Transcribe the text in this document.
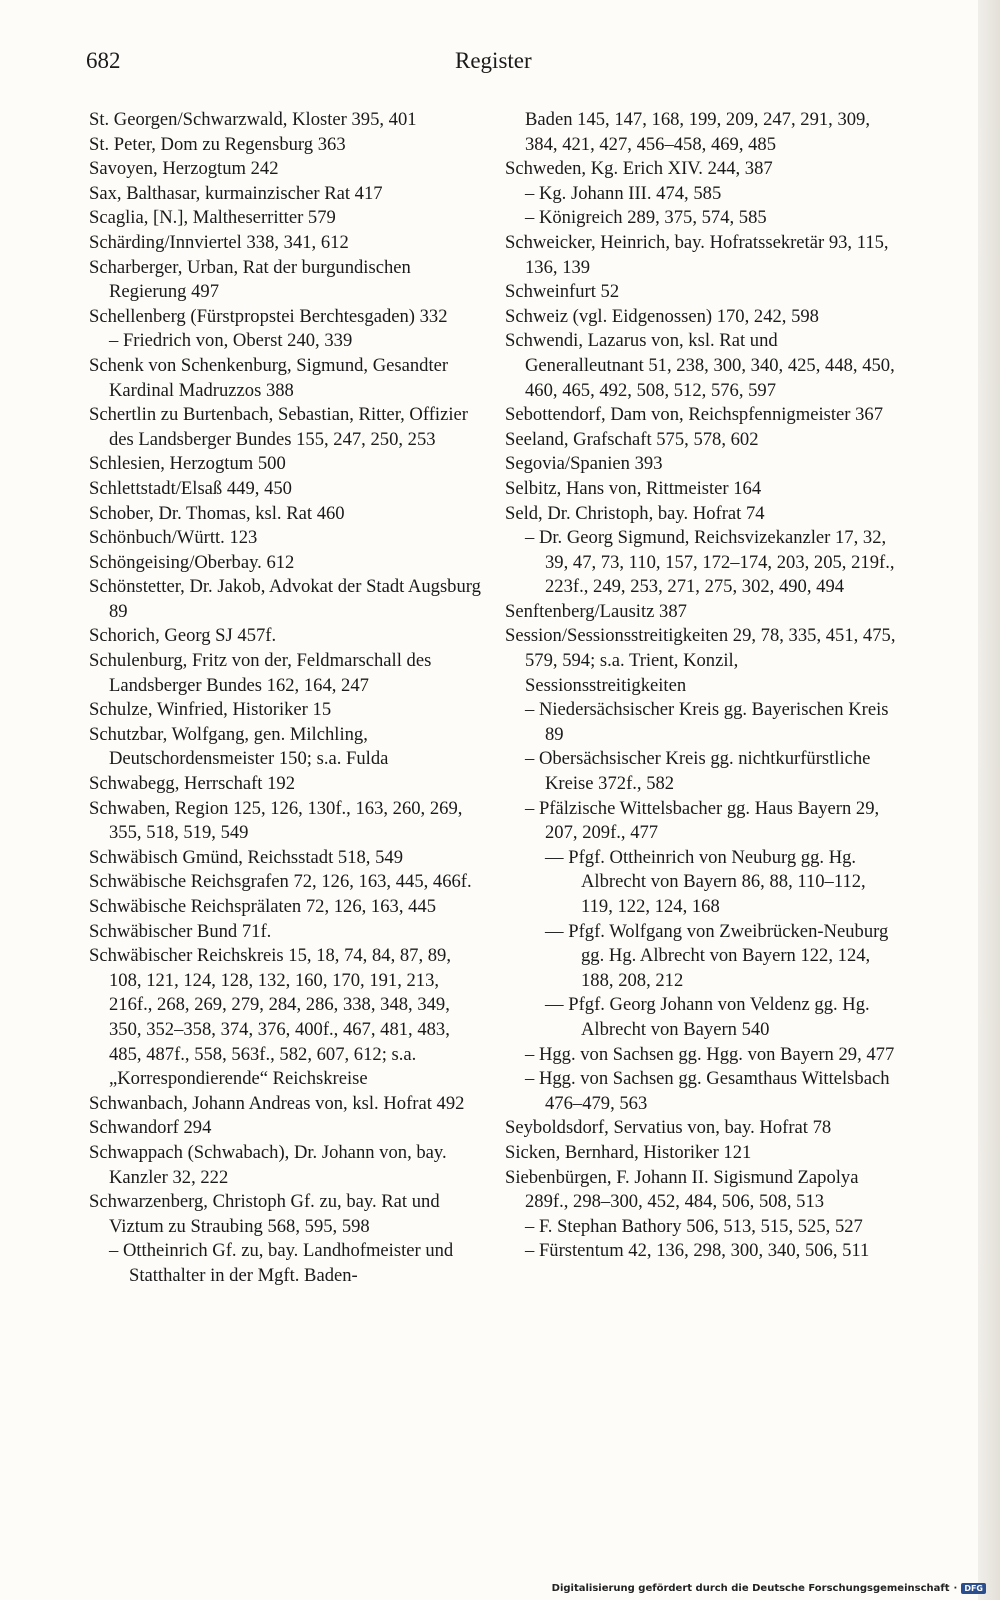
682	Register
St. Georgen/Schwarzwald, Kloster 395, 401
St. Peter, Dom zu Regensburg 363
Savoyen, Herzogtum 242
Sax, Balthasar, kurmainzischer Rat 417
Scaglia, [N.], Maltheserritter 579
Schärding/Innviertel 338, 341, 612
Scharberger, Urban, Rat der burgundischen Regierung 497
Schellenberg (Fürstpropstei Berchtesgaden) 332
– Friedrich von, Oberst 240, 339
Schenk von Schenkenburg, Sigmund, Gesandter Kardinal Madruzzos 388
Schertlin zu Burtenbach, Sebastian, Ritter, Offizier des Landsberger Bundes 155, 247, 250, 253
Schlesien, Herzogtum 500
Schlettstadt/Elsaß 449, 450
Schober, Dr. Thomas, ksl. Rat 460
Schönbuch/Württ. 123
Schöngeising/Oberbay. 612
Schönstetter, Dr. Jakob, Advokat der Stadt Augsburg 89
Schorich, Georg SJ 457f.
Schulenburg, Fritz von der, Feldmarschall des Landsberger Bundes 162, 164, 247
Schulze, Winfried, Historiker 15
Schutzbar, Wolfgang, gen. Milchling, Deutschordensmeister 150; s.a. Fulda
Schwabegg, Herrschaft 192
Schwaben, Region 125, 126, 130f., 163, 260, 269, 355, 518, 519, 549
Schwäbisch Gmünd, Reichsstadt 518, 549
Schwäbische Reichsgrafen 72, 126, 163, 445, 466f.
Schwäbische Reichsprälaten 72, 126, 163, 445
Schwäbischer Bund 71f.
Schwäbischer Reichskreis 15, 18, 74, 84, 87, 89, 108, 121, 124, 128, 132, 160, 170, 191, 213, 216f., 268, 269, 279, 284, 286, 338, 348, 349, 350, 352–358, 374, 376, 400f., 467, 481, 483, 485, 487f., 558, 563f., 582, 607, 612; s.a. „Korrespondierende“ Reichskreise
Schwanbach, Johann Andreas von, ksl. Hofrat 492
Schwandorf 294
Schwappach (Schwabach), Dr. Johann von, bay. Kanzler 32, 222
Schwarzenberg, Christoph Gf. zu, bay. Rat und Viztum zu Straubing 568, 595, 598
– Ottheinrich Gf. zu, bay. Landhofmeister und Statthalter in der Mgft. Baden-
Baden 145, 147, 168, 199, 209, 247, 291, 309, 384, 421, 427, 456–458, 469, 485
Schweden, Kg. Erich XIV. 244, 387
– Kg. Johann III. 474, 585
– Königreich 289, 375, 574, 585
Schweicker, Heinrich, bay. Hofratssekretär 93, 115, 136, 139
Schweinfurt 52
Schweiz (vgl. Eidgenossen) 170, 242, 598
Schwendi, Lazarus von, ksl. Rat und Generalleutnant 51, 238, 300, 340, 425, 448, 450, 460, 465, 492, 508, 512, 576, 597
Sebottendorf, Dam von, Reichspfennigmeister 367
Seeland, Grafschaft 575, 578, 602
Segovia/Spanien 393
Selbitz, Hans von, Rittmeister 164
Seld, Dr. Christoph, bay. Hofrat 74
– Dr. Georg Sigmund, Reichsvizekanzler 17, 32, 39, 47, 73, 110, 157, 172–174, 203, 205, 219f., 223f., 249, 253, 271, 275, 302, 490, 494
Senftenberg/Lausitz 387
Session/Sessionsstreitigkeiten 29, 78, 335, 451, 475, 579, 594; s.a. Trient, Konzil, Sessionsstreitigkeiten
– Niedersächsischer Kreis gg. Bayerischen Kreis 89
– Obersächsischer Kreis gg. nichtkurfürstliche Kreise 372f., 582
– Pfälzische Wittelsbacher gg. Haus Bayern 29, 207, 209f., 477
–– Pfgf. Ottheinrich von Neuburg gg. Hg. Albrecht von Bayern 86, 88, 110–112, 119, 122, 124, 168
–– Pfgf. Wolfgang von Zweibrücken-Neuburg gg. Hg. Albrecht von Bayern 122, 124, 188, 208, 212
–– Pfgf. Georg Johann von Veldenz gg. Hg. Albrecht von Bayern 540
– Hgg. von Sachsen gg. Hgg. von Bayern 29, 477
– Hgg. von Sachsen gg. Gesamthaus Wittelsbach 476–479, 563
Seyboldsdorf, Servatius von, bay. Hofrat 78
Sicken, Bernhard, Historiker 121
Siebenbürgen, F. Johann II. Sigismund Zapolya 289f., 298–300, 452, 484, 506, 508, 513
– F. Stephan Bathory 506, 513, 515, 525, 527
– Fürstentum 42, 136, 298, 300, 340, 506, 511
Digitalisierung gefördert durch die Deutsche Forschungsgemeinschaft · DFG
